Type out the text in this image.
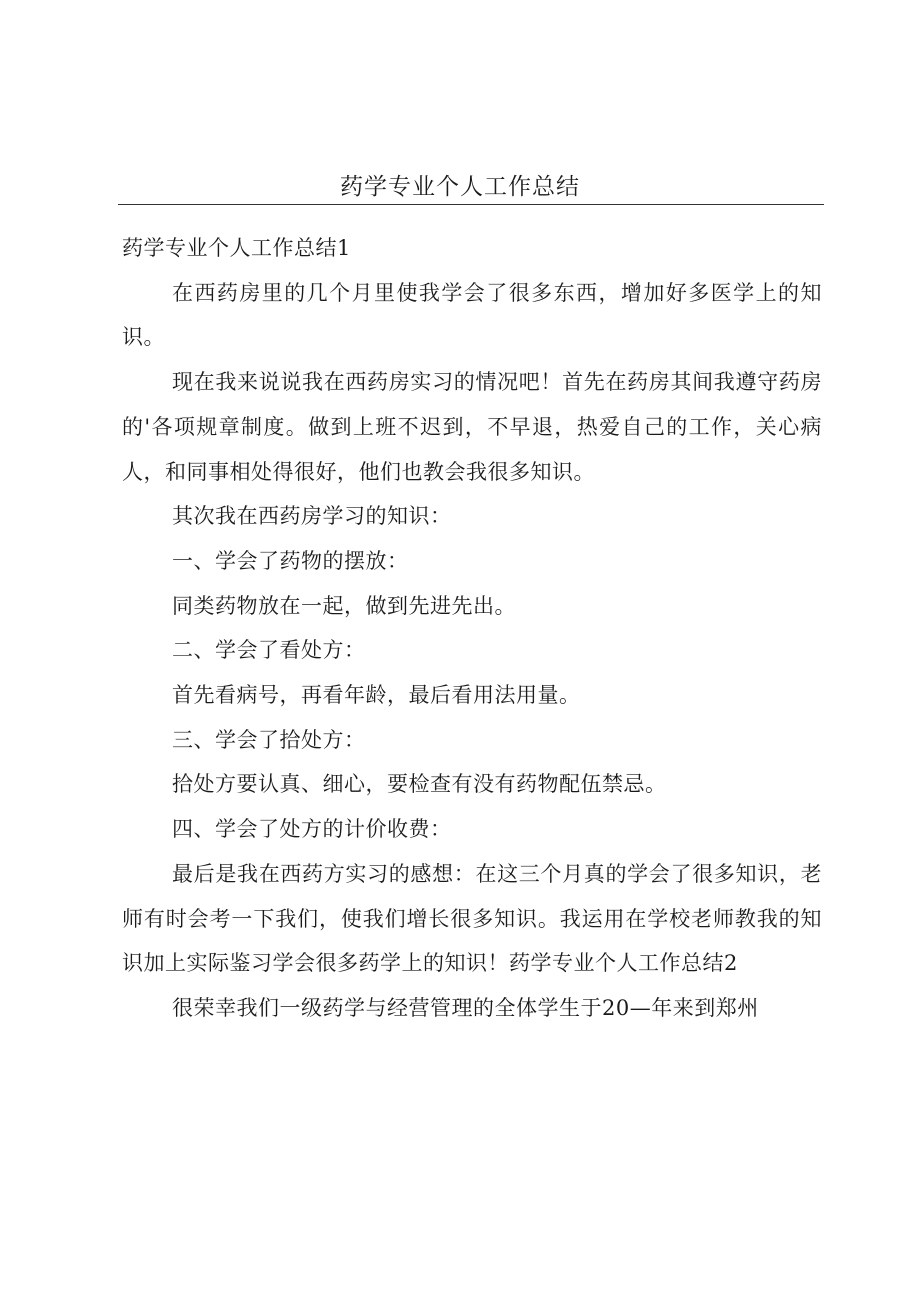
药学专业个人工作总结

药学专业个人工作总结1

在西药房里的几个月里使我学会了很多东西，增加好多医学上的知识。

现在我来说说我在西药房实习的情况吧！首先在药房其间我遵守药房的'各项规章制度。做到上班不迟到，不早退，热爱自己的工作，关心病人，和同事相处得很好，他们也教会我很多知识。

其次我在西药房学习的知识：

一、学会了药物的摆放：

同类药物放在一起，做到先进先出。

二、学会了看处方：

首先看病号，再看年龄，最后看用法用量。

三、学会了拾处方：

拾处方要认真、细心，要检查有没有药物配伍禁忌。

四、学会了处方的计价收费：

最后是我在西药方实习的感想：在这三个月真的学会了很多知识，老师有时会考一下我们，使我们增长很多知识。我运用在学校老师教我的知识加上实际鉴习学会很多药学上的知识！药学专业个人工作总结2

很荣幸我们一级药学与经营管理的全体学生于20—年来到郑州
